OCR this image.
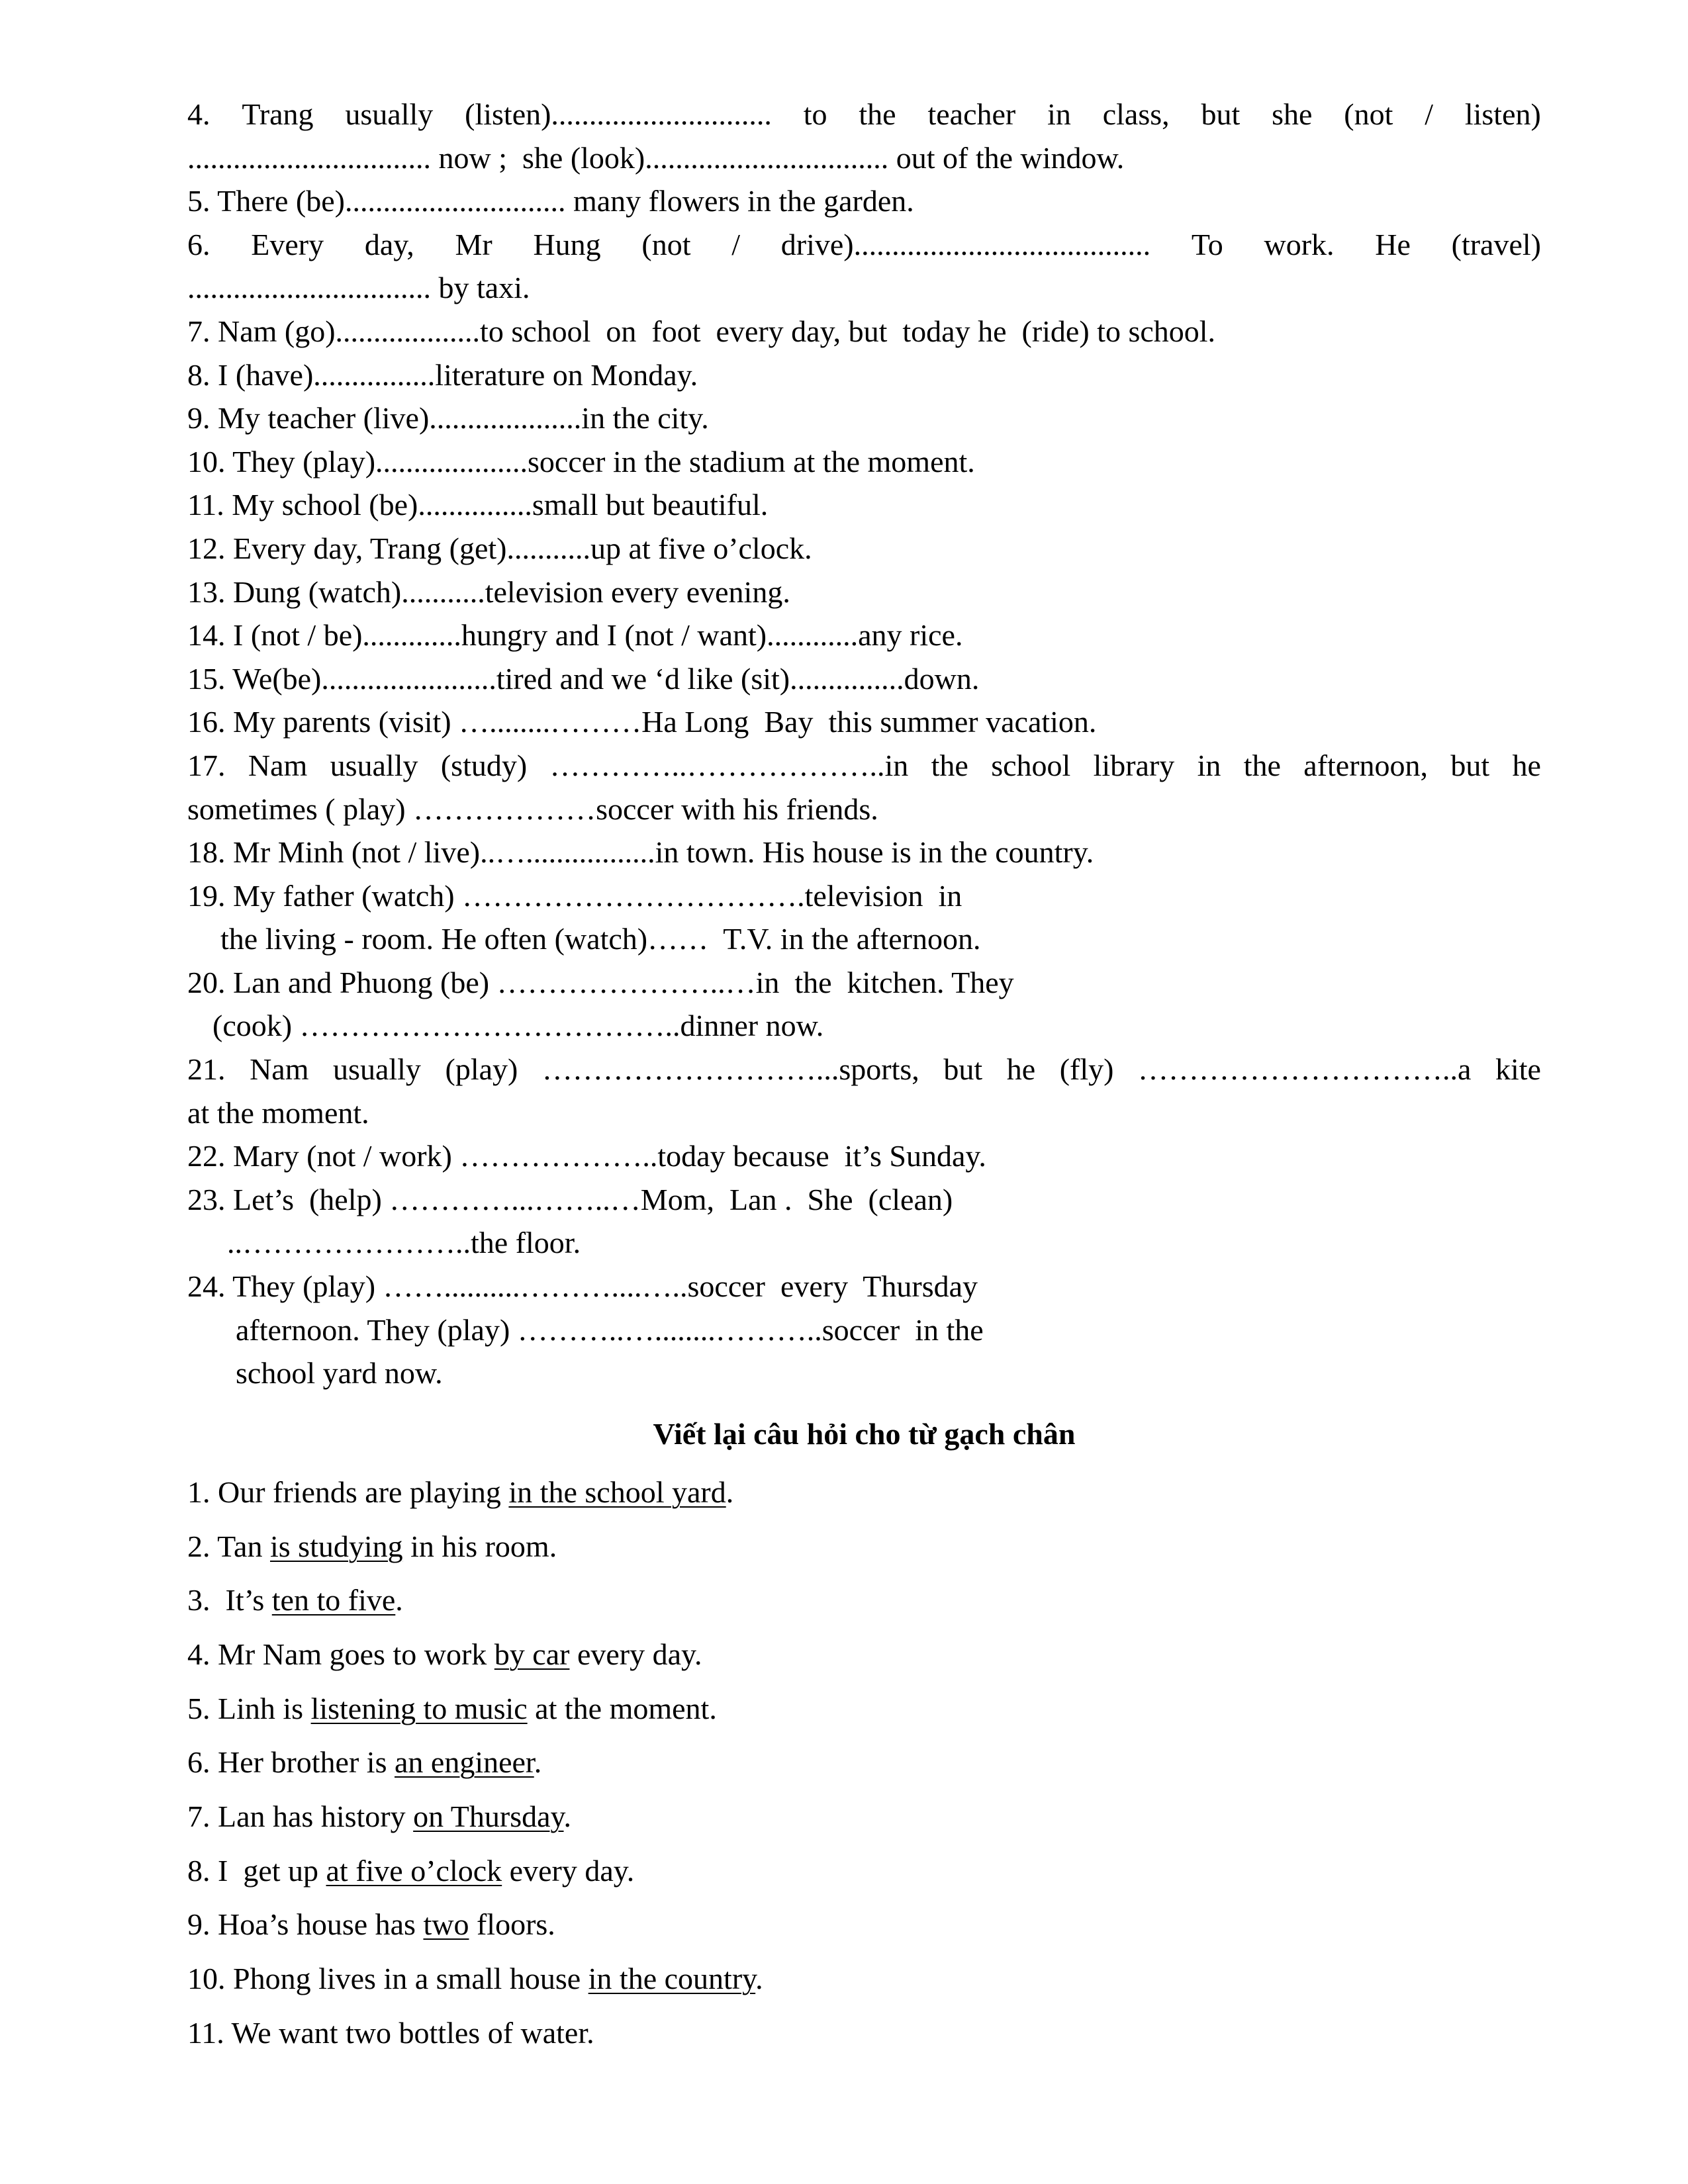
4. Trang usually (listen)............................. to the teacher in class, but she (not / listen)
................................ now ;  she (look)................................ out of the window.
5. There (be)............................. many flowers in the garden.
6. Every day, Mr Hung (not / drive)....................................... To work. He (travel)
................................ by taxi.
7. Nam (go)...................to school  on  foot  every day, but  today he  (ride) to school.
8. I (have)................literature on Monday.
9. My teacher (live)....................in the city.
10. They (play)....................soccer in the stadium at the moment.
11. My school (be)...............small but beautiful.
12. Every day, Trang (get)...........up at five o’clock.
13. Dung (watch)...........television every evening.
14. I (not / be).............hungry and I (not / want)............any rice.
15. We(be).......................tired and we ‘d like (sit)...............down.
16. My parents (visit) …........………Ha Long  Bay  this summer vacation.
17. Nam usually (study) …………..………………..in the school library in the afternoon, but he
sometimes ( play) ………………soccer with his friends.
18. Mr Minh (not / live)..….................in town. His house is in the country.
19. My father (watch) …………………………….television  in
the living - room. He often (watch)……  T.V. in the afternoon.
20. Lan and Phuong (be) …………………..…in  the  kitchen. They
(cook) ………………………………..dinner now.
21. Nam usually (play) ………………………...sports, but he (fly) …………………………..a kite
at the moment.
22. Mary (not / work) ………………..today because  it’s Sunday.
23. Let’s  (help) …………...……..…Mom,  Lan .  She  (clean)
..…………………..the floor.
24. They (play) ……..........………....…..soccer  every  Thursday
afternoon. They (play) ………..…........………..soccer  in the
school yard now.
Viết lại câu hỏi cho từ gạch chân
1. Our friends are playing in the school yard.
2. Tan is studying in his room.
3.  It’s ten to five.
4. Mr Nam goes to work by car every day.
5. Linh is listening to music at the moment.
6. Her brother is an engineer.
7. Lan has history on Thursday.
8. I  get up at five o’clock every day.
9. Hoa’s house has two floors.
10. Phong lives in a small house in the country.
11. We want two bottles of water.
